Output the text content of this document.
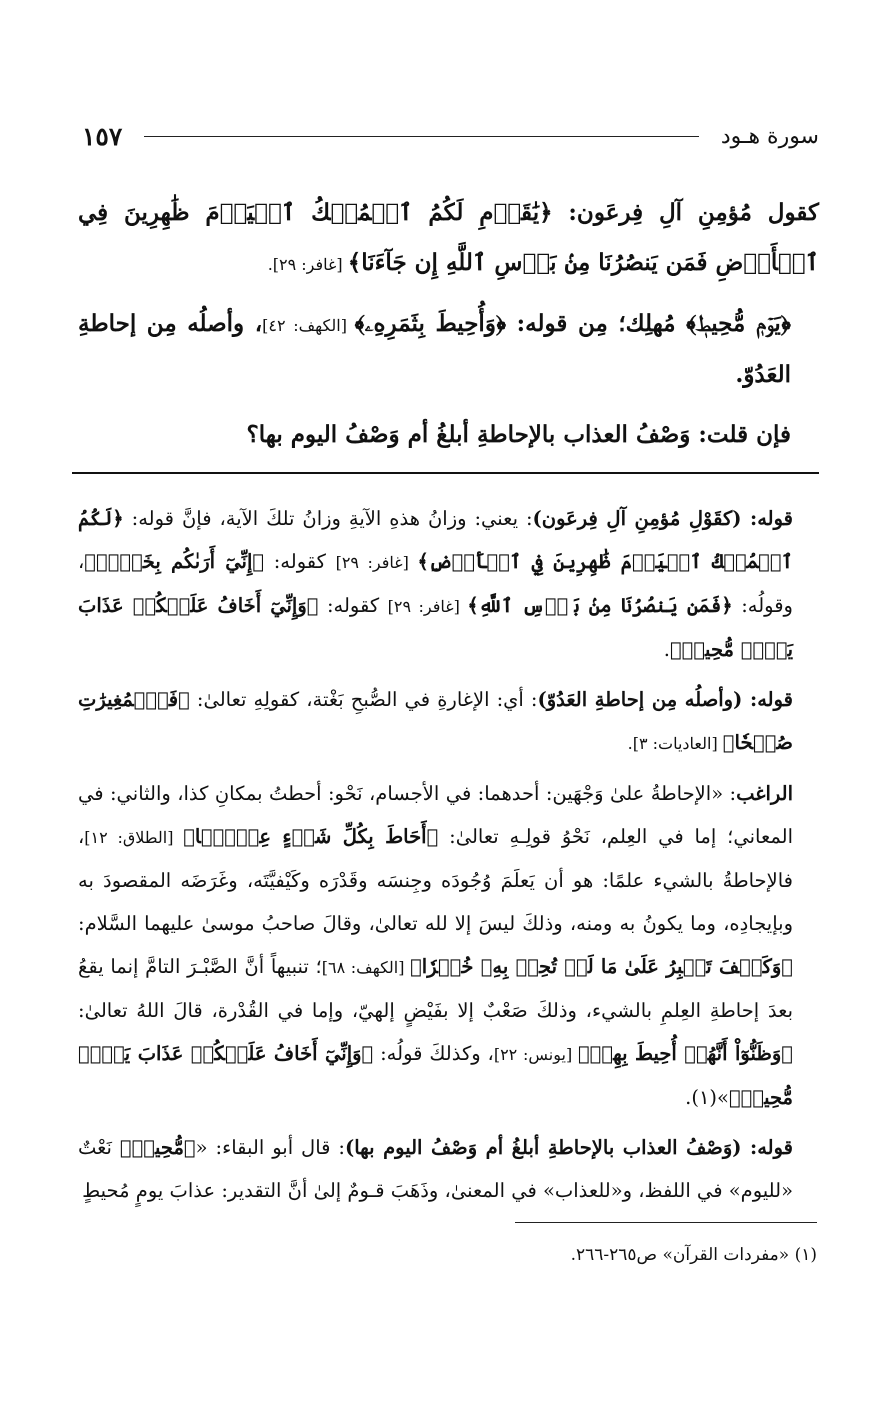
سورة هـود
١٥٧

كقول مُؤمِنِ آلِ فِرعَون: ﴿يَٰقَوۡمِ لَكُمُ ٱلۡمُلۡكُ ٱلۡيَوۡمَ ظَٰهِرِينَ فِي ٱلۡأَرۡضِ فَمَن يَنصُرُنَا مِنۢ بَأۡسِ ٱللَّهِ إِن جَآءَنَا﴾ [غافر: ٢٩].

﴿يَوۡمٖ مُّحِيطٖ﴾ مُهلِك؛ مِن قوله: ﴿وَأُحِيطَ بِثَمَرِهِۦ﴾ [الكهف: ٤٢]، وأصلُه مِن إحاطةِ العَدُوّ.

فإن قلت: وَصْفُ العذاب بالإحاطةِ أبلغُ أم وَصْفُ اليوم بها؟

قوله: (كقَوْلِ مُؤمِنِ آلِ فِرعَون): يعني: وزانُ هذهِ الآيةِ وزانُ تلكَ الآية، فإنَّ قوله: ﴿لَكُمُ ٱلۡمُلۡكُ ٱلۡيَوۡمَ ظَٰهِرِينَ فِي ٱلۡأَرۡضِ﴾ [غافر: ٢٩] كقوله: ﴿إِنِّيٓ أَرَىٰكُم بِخَيۡرٖ﴾، وقولُه: ﴿فَمَن يَنصُرُنَا مِنۢ بَأۡسِ ٱللَّهِ﴾ [غافر: ٢٩] كقوله: ﴿وَإِنِّيٓ أَخَافُ عَلَيۡكُمۡ عَذَابَ يَوۡمٖ مُّحِيطٖ﴾.

قوله: (وأصلُه مِن إحاطةِ العَدُوّ): أي: الإغارةِ في الصُّبحِ بَغْتة، كقولِهِ تعالىٰ: ﴿فَٱلۡمُغِيرَٰتِ صُبۡحٗا﴾ [العاديات: ٣].

الراغب: «الإحاطةُ علىٰ وَجْهَين: أحدهما: في الأجسام، نَحْو: أحطتُ بمكانِ كذا، والثاني: في المعاني؛ إما في العِلم، نَحْوُ قولِـهِ تعالىٰ: ﴿أَحَاطَ بِكُلِّ شَيۡءٍ عِلۡمَۢا﴾ [الطلاق: ١٢]، فالإحاطةُ بالشيء علمًا: هو أن يَعلَمَ وُجُودَه وجِنسَه وقَدْرَه وكَيْفيَّتَه، وغَرَضَه المقصودَ به وبإيجادِه، وما يكونُ به ومنه، وذلكَ ليسَ إلا لله تعالىٰ، وقالَ صاحبُ موسىٰ عليهما السَّلام: ﴿وَكَيۡفَ تَصۡبِرُ عَلَىٰ مَا لَمۡ تُحِطۡ بِهِۦ خُبۡرٗا﴾ [الكهف: ٦٨]؛ تنبيهاً أنَّ الصَّبْـرَ التامَّ إنما يقعُ بعدَ إحاطةِ العِلمِ بالشيء، وذلكَ صَعْبٌ إلا بفَيْضٍ إلهيّ، وإما في القُدْرة، قالَ اللهُ تعالىٰ: ﴿وَظَنُّوٓاْ أَنَّهُمۡ أُحِيطَ بِهِمۡ﴾ [يونس: ٢٢]، وكذلكَ قولُه: ﴿وَإِنِّيٓ أَخَافُ عَلَيۡكُمۡ عَذَابَ يَوۡمٖ مُّحِيطٖ﴾»(١).

قوله: (وَصْفُ العذاب بالإحاطةِ أبلغُ أم وَصْفُ اليوم بها): قال أبو البقاء: «﴿مُّحِيطٖ﴾ نَعْتٌ «لليوم» في اللفظ، و«للعذاب» في المعنىٰ، وذَهَبَ قـومٌ إلىٰ أنَّ التقدير: عذابَ يومٍ مُحيطٍ

(١) «مفردات القرآن» ص٢٦٥-٢٦٦.
